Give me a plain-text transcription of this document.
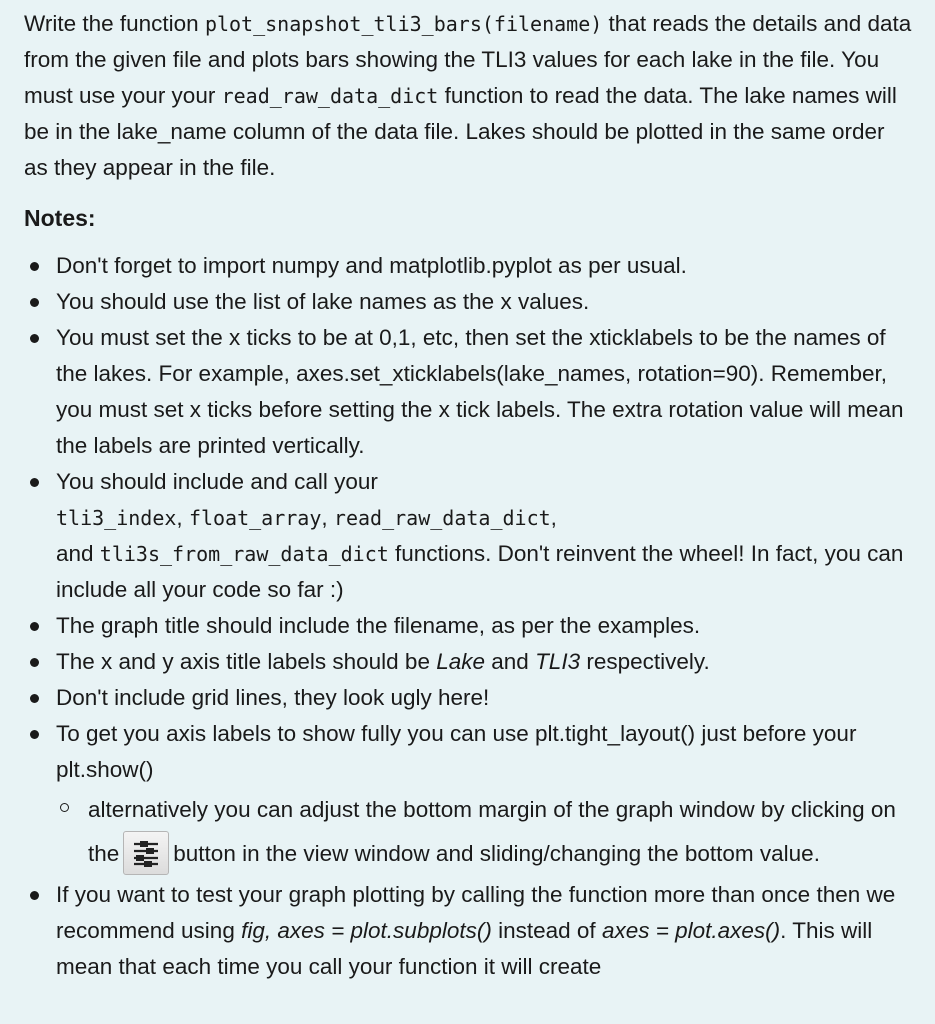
Write the function plot_snapshot_tli3_bars(filename) that reads the details and data from the given file and plots bars showing the TLI3 values for each lake in the file. You must use your your read_raw_data_dict function to read the data. The lake names will be in the lake_name column of the data file. Lakes should be plotted in the same order as they appear in the file.

Notes:
Don't forget to import numpy and matplotlib.pyplot as per usual.
You should use the list of lake names as the x values.
You must set the x ticks to be at 0,1, etc, then set the xticklabels to be the names of the lakes. For example, axes.set_xticklabels(lake_names, rotation=90). Remember, you must set x ticks before setting the x tick labels. The extra rotation value will mean the labels are printed vertically.
You should include and call your
tli3_index, float_array, read_raw_data_dict,
and tli3s_from_raw_data_dict functions. Don't reinvent the wheel! In fact, you can include all your code so far :)
The graph title should include the filename, as per the examples.
The x and y axis title labels should be Lake and TLI3 respectively.
Don't include grid lines, they look ugly here!
To get you axis labels to show fully you can use plt.tight_layout() just before your plt.show()
alternatively you can adjust the bottom margin of the graph window by clicking on the button in the view window and sliding/changing the bottom value.
If you want to test your graph plotting by calling the function more than once then we recommend using fig, axes = plot.subplots() instead of axes = plot.axes(). This will mean that each time you call your function it will create
